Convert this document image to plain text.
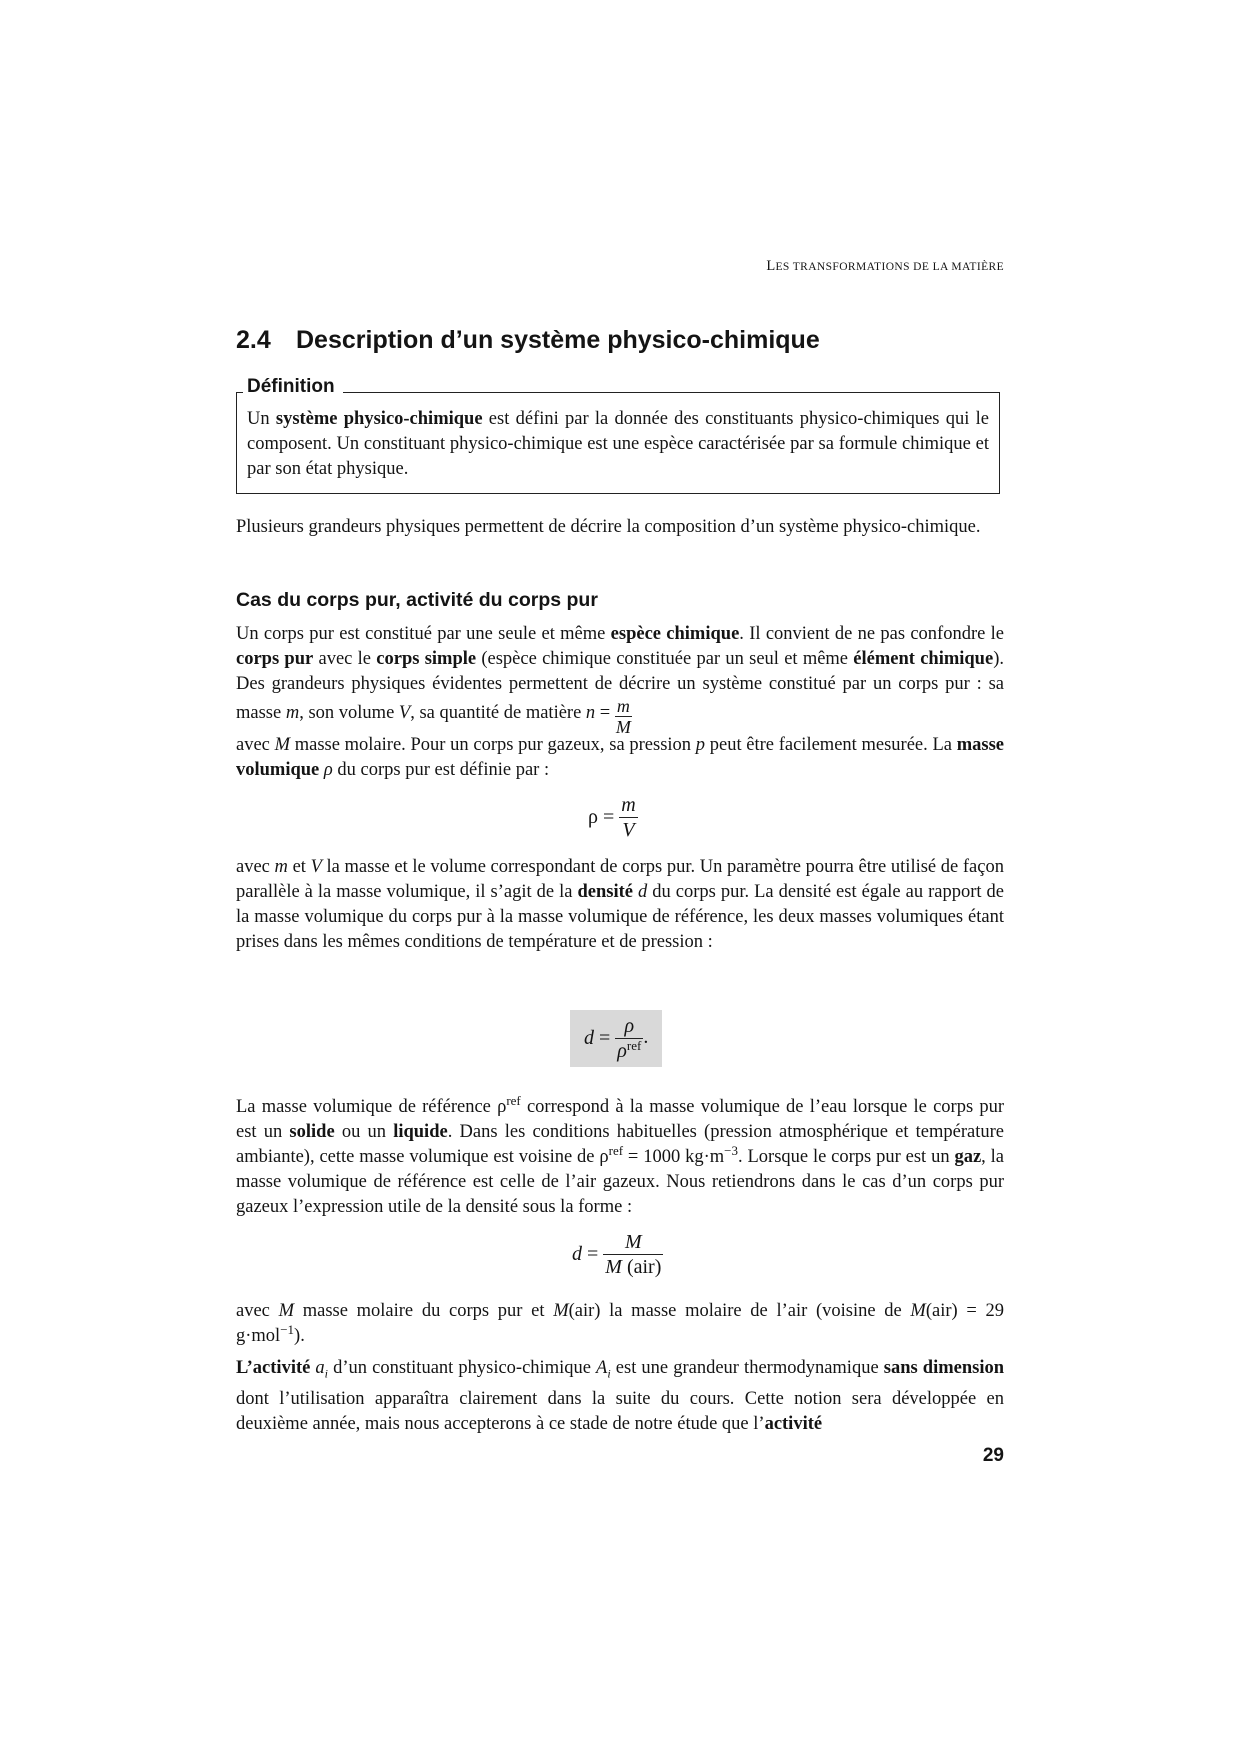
LES TRANSFORMATIONS DE LA MATIÈRE
2.4 Description d’un système physico-chimique
Définition
Un système physico-chimique est défini par la donnée des constituants physico-chimiques qui le composent. Un constituant physico-chimique est une espèce caractérisée par sa formule chimique et par son état physique.

Plusieurs grandeurs physiques permettent de décrire la composition d’un système physico-chimique.

Cas du corps pur, activité du corps pur

Un corps pur est constitué par une seule et même espèce chimique. Il convient de ne pas confondre le corps pur avec le corps simple (espèce chimique constituée par un seul et même élément chimique). Des grandeurs physiques évidentes permettent de décrire un système constitué par un corps pur : sa masse m, son volume V, sa quantité de matière $n = \frac{m}{M}$

avec M masse molaire. Pour un corps pur gazeux, sa pression p peut être facilement mesurée. La masse volumique ρ du corps pur est définie par :

$\rho = \frac{m}{V}$

avec m et V la masse et le volume correspondant de corps pur. Un paramètre pourra être utilisé de façon parallèle à la masse volumique, il s’agit de la densité d du corps pur. La densité est égale au rapport de la masse volumique du corps pur à la masse volumique de référence, les deux masses volumiques étant prises dans les mêmes conditions de température et de pression :

$d = \frac{\rho}{\rho^{ref}}$ .

La masse volumique de référence $\rho^{ref}$ correspond à la masse volumique de l’eau lorsque le corps pur est un solide ou un liquide. Dans les conditions habituelles (pression atmosphérique et température ambiante), cette masse volumique est voisine de $\rho^{ref} = 1000$ $kg\cdot m^{-3}$. Lorsque le corps pur est un gaz, la masse volumique de référence est celle de l’air gazeux. Nous retiendrons dans le cas d’un corps pur gazeux l’expression utile de la densité sous la forme :

$d = \frac{M}{\text{M (air)}}$

avec M masse molaire du corps pur et M(air) la masse molaire de l’air (voisine de M(air) = 29 g·mol$^{-1}$).

L’activité $a_i$ d’un constituant physico-chimique $A_i$ est une grandeur thermodynamique sans dimension dont l’utilisation apparaîtra clairement dans la suite du cours. Cette notion sera développée en deuxième année, mais nous accepterons à ce stade de notre étude que l’activité

29
